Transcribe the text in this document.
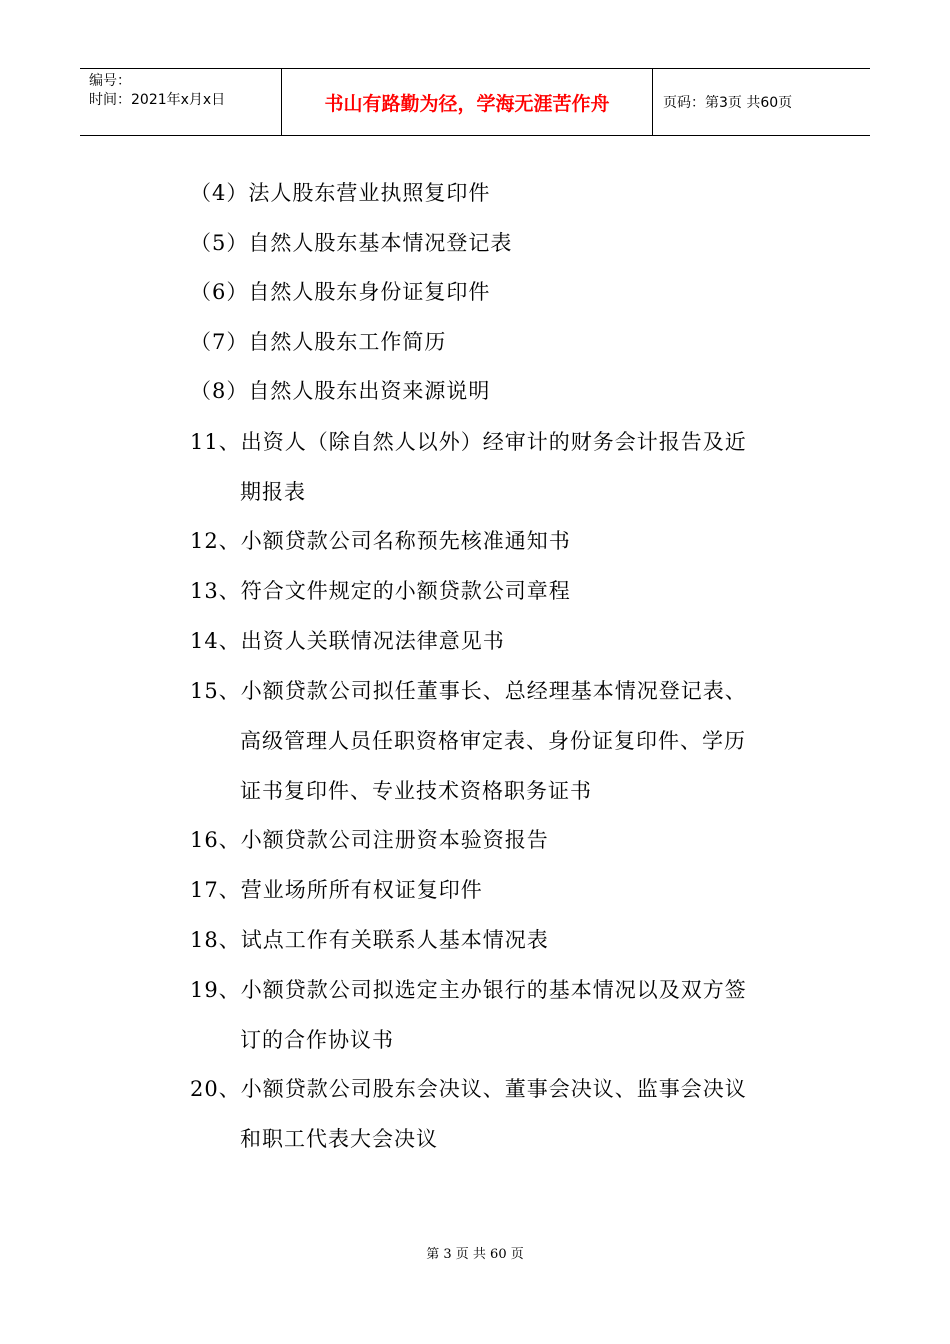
编号：
时间：2021年x月x日	书山有路勤为径，学海无涯苦作舟	页码：第3页 共60页
（4）法人股东营业执照复印件
（5）自然人股东基本情况登记表
（6）自然人股东身份证复印件
（7）自然人股东工作简历
（8）自然人股东出资来源说明
11、出资人（除自然人以外）经审计的财务会计报告及近
期报表
12、小额贷款公司名称预先核准通知书
13、符合文件规定的小额贷款公司章程
14、出资人关联情况法律意见书
15、小额贷款公司拟任董事长、总经理基本情况登记表、
高级管理人员任职资格审定表、身份证复印件、学历
证书复印件、专业技术资格职务证书
16、小额贷款公司注册资本验资报告
17、营业场所所有权证复印件
18、试点工作有关联系人基本情况表
19、小额贷款公司拟选定主办银行的基本情况以及双方签
订的合作协议书
20、小额贷款公司股东会决议、董事会决议、监事会决议
和职工代表大会决议
第 3 页 共 60 页
